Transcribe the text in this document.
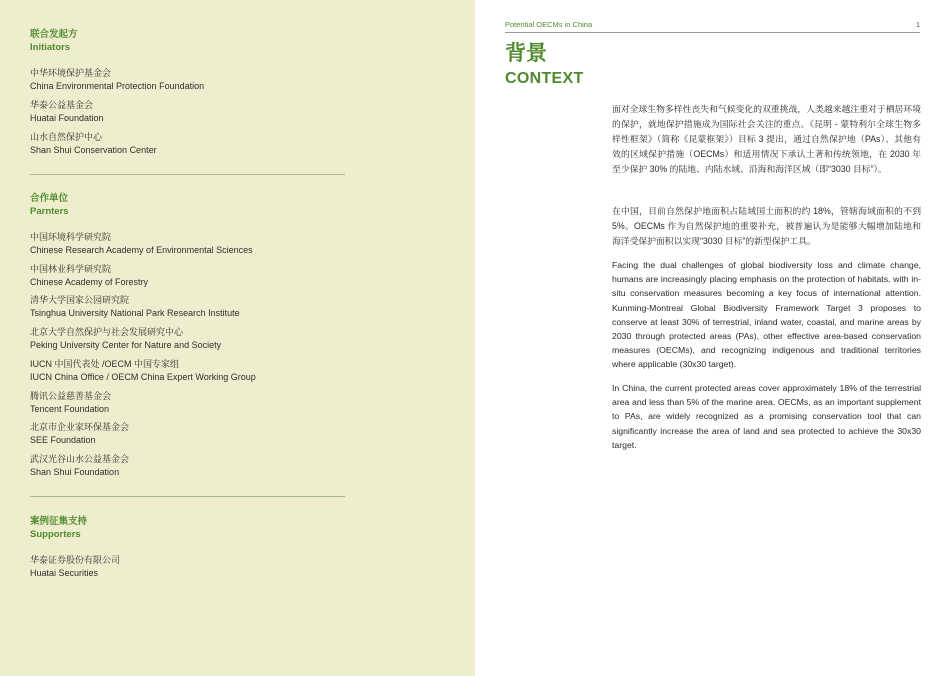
联合发起方
Initiators
中华环境保护基金会
China Environmental Protection Foundation
华泰公益基金会
Huatai Foundation
山水自然保护中心
Shan Shui Conservation Center
合作单位
Parnters
中国环境科学研究院
Chinese Research Academy of Environmental Sciences
中国林业科学研究院
Chinese Academy of Forestry
清华大学国家公园研究院
Tsinghua University National Park Research Institute
北京大学自然保护与社会发展研究中心
Peking University Center for Nature and Society
IUCN 中国代表处 /OECM 中国专家组
IUCN China Office / OECM China Expert Working Group
腾讯公益慈善基金会
Tencent Foundation
北京市企业家环保基金会
SEE Foundation
武汉光谷山水公益基金会
Shan Shui Foundation
案例征集支持
Supporters
华泰证券股份有限公司
Huatai Securities
Potential OECMs in China	1
背景
CONTEXT

面对全球生物多样性丧失和气候变化的双重挑战，人类越来越注重对于栖居环境的保护，就地保护措施成为国际社会关注的重点。《昆明 - 蒙特利尔全球生物多样性框架》（简称《昆蒙框架》）目标 3 提出，通过自然保护地（PAs）、其他有效的区域保护措施（OECMs）和适用情况下承认土著和传统领地，在 2030 年至少保护 30% 的陆地、内陆水域、沿海和海洋区域（即“3030 目标”）。

在中国，目前自然保护地面积占陆域国土面积的约 18%，管辖海域面积的不到 5%。OECMs 作为自然保护地的重要补充，被普遍认为是能够大幅增加陆地和海洋受保护面积以实现“3030 目标”的新型保护工具。

Facing the dual challenges of global biodiversity loss and climate change, humans are increasingly placing emphasis on the protection of habitats, with in-situ conservation measures becoming a key focus of international attention. Kunming-Montreal Global Biodiversity Framework Target 3 proposes to conserve at least 30% of terrestrial, inland water, coastal, and marine areas by 2030 through protected areas (PAs), other effective area-based conservation measures (OECMs), and recognizing indigenous and traditional territories where applicable (30x30 target).

In China, the current protected areas cover approximately 18% of the terrestrial area and less than 5% of the marine area. OECMs, as an important supplement to PAs, are widely recognized as a promising conservation tool that can significantly increase the area of land and sea protected to achieve the 30x30 target.
